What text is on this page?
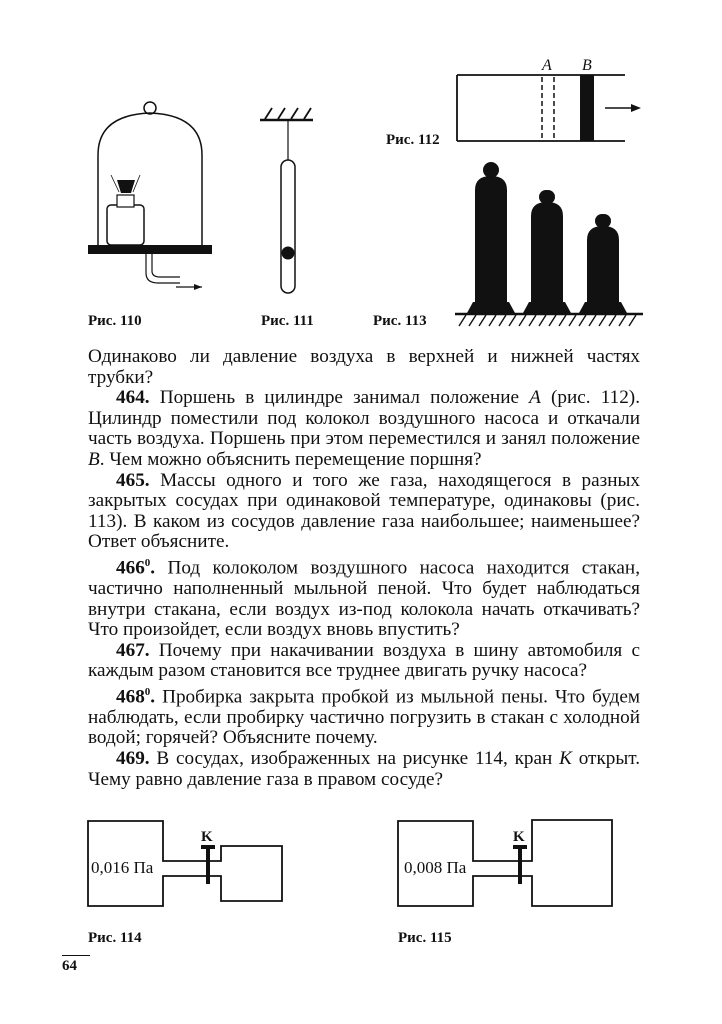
Рис. 110	Рис. 111
A B
Рис. 112
Рис. 113

Одинаково ли давление воздуха в верхней и нижней частях трубки?

464. Поршень в цилиндре занимал положение A (рис. 112). Цилиндр поместили под колокол воздушного насоса и откачали часть воздуха. Поршень при этом переместился и занял положение B. Чем можно объяснить перемещение поршня?

465. Массы одного и того же газа, находящегося в разных закрытых сосудах при одинаковой температуре, одинаковы (рис. 113). В каком из сосудов давление газа наибольшее; наименьшее? Ответ объясните.

$466^0$. Под колоколом воздушного насоса находится стакан, частично наполненный мыльной пеной. Что будет наблюдаться внутри стакана, если воздух из-под колокола начать откачивать? Что произойдет, если воздух вновь впустить?

467. Почему при накачивании воздуха в шину автомобиля с каждым разом становится все труднее двигать ручку насоса?

$468^0$. Пробирка закрыта пробкой из мыльной пены. Что будем наблюдать, если пробирку частично погрузить в стакан с холодной водой; горячей? Объясните почему.

469. В сосудах, изображенных на рисунке 114, кран K открыт. Чему равно давление газа в правом сосуде?

0,016 Па
K
Рис. 114
0,008 Па
K
Рис. 115
64
